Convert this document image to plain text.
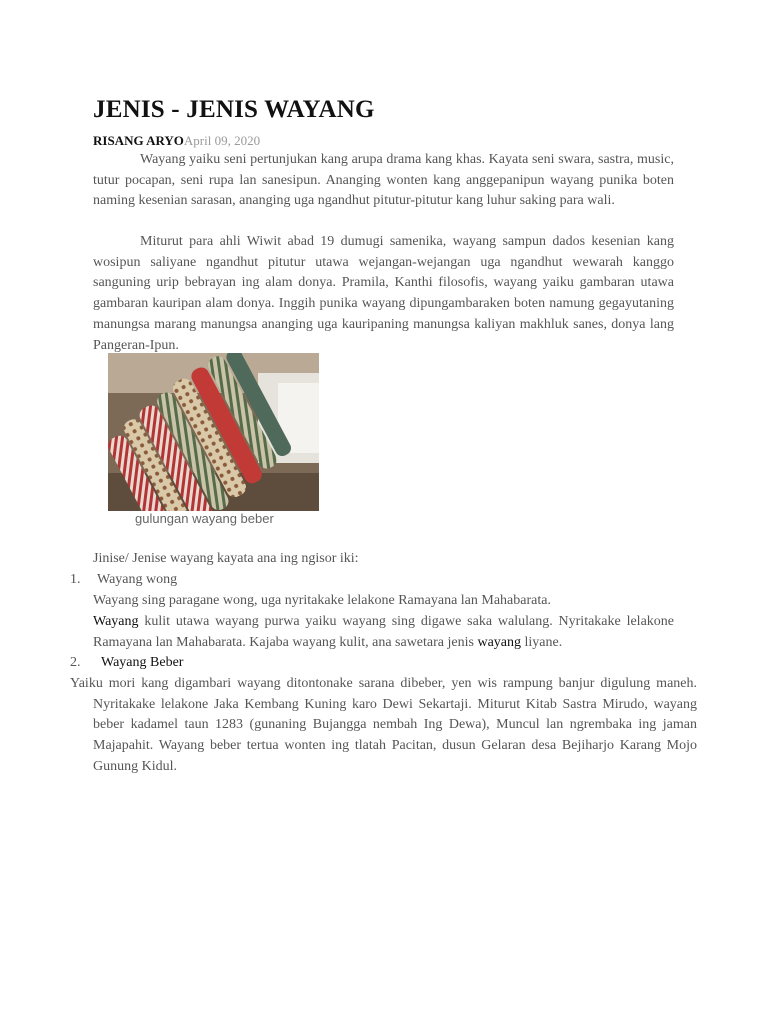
JENIS - JENIS WAYANG
RISANG ARYOApril 09, 2020

Wayang yaiku seni pertunjukan kang arupa drama kang khas. Kayata seni swara, sastra, music, tutur pocapan, seni rupa lan sanesipun. Ananging wonten kang anggepanipun wayang punika boten naming kesenian sarasan, ananging uga ngandhut pitutur-pitutur kang luhur saking para wali.

Miturut para ahli Wiwit abad 19 dumugi samenika, wayang sampun dados kesenian kang wosipun saliyane ngandhut pitutur utawa wejangan-wejangan uga ngandhut wewarah kanggo sanguning urip bebrayan ing alam donya. Pramila, Kanthi filosofis, wayang yaiku gambaran utawa gambaran kauripan alam donya. Inggih punika wayang dipungambaraken boten namung gegayutaning manungsa marang manungsa ananging uga kauripaning manungsa kaliyan makhluk sanes, donya lang Pangeran-Ipun.

gulungan wayang beber
Jinise/ Jenise wayang kayata ana ing ngisor iki:
1. Wayang wong
Wayang sing paragane wong, uga nyritakake lelakone Ramayana lan Mahabarata.

Wayang kulit utawa wayang purwa yaiku wayang sing digawe saka walulang. Nyritakake lelakone Ramayana lan Mahabarata. Kajaba wayang kulit, ana sawetara jenis wayang liyane.

2. Wayang Beber

Yaiku mori kang digambari wayang ditontonake sarana dibeber, yen wis rampung banjur digulung maneh. Nyritakake lelakone Jaka Kembang Kuning karo Dewi Sekartaji. Miturut Kitab Sastra Mirudo, wayang beber kadamel taun 1283 (gunaning Bujangga nembah Ing Dewa), Muncul lan ngrembaka ing jaman Majapahit. Wayang beber tertua wonten ing tlatah Pacitan, dusun Gelaran desa Bejiharjo Karang Mojo Gunung Kidul.
